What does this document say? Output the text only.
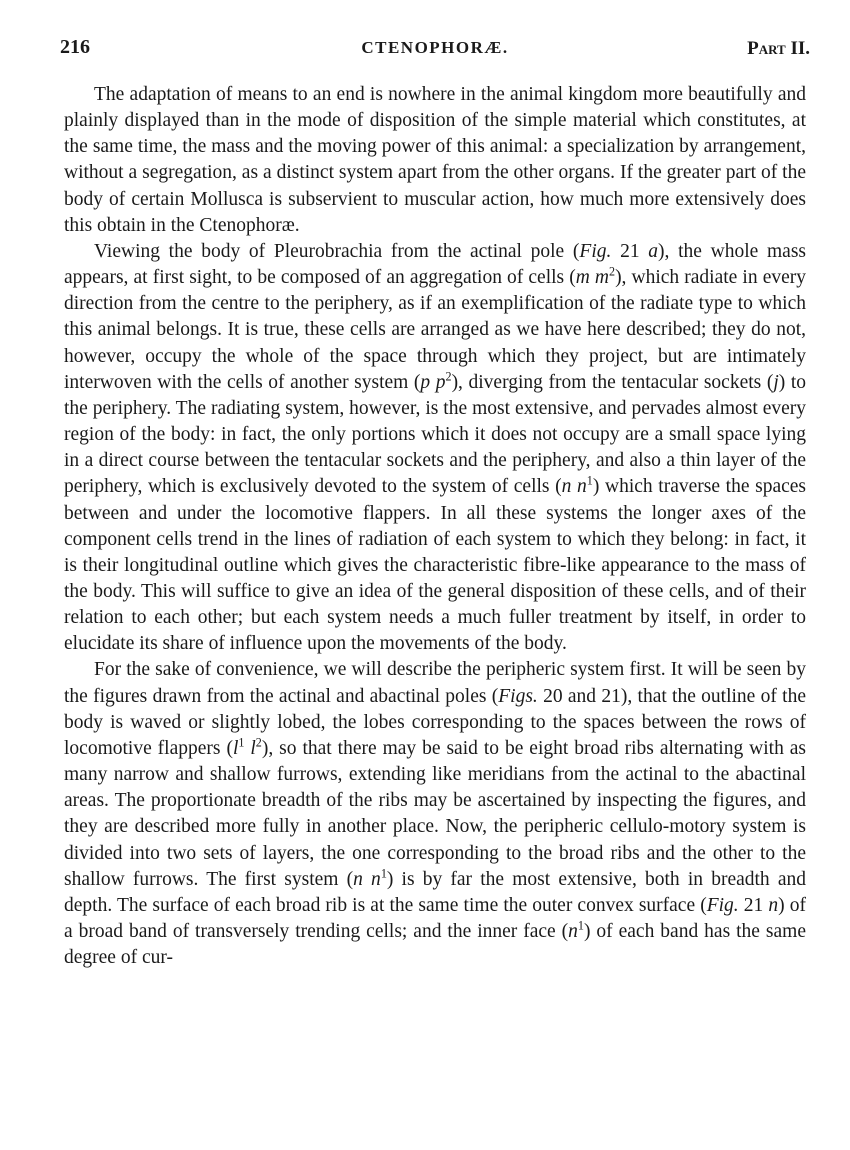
216	CTENOPHORÆ.	Part II.

The adaptation of means to an end is nowhere in the animal kingdom more beautifully and plainly displayed than in the mode of disposition of the simple material which constitutes, at the same time, the mass and the moving power of this animal: a specialization by arrangement, without a segregation, as a distinct system apart from the other organs. If the greater part of the body of certain Mollusca is subservient to muscular action, how much more extensively does this obtain in the Ctenophoræ.

Viewing the body of Pleurobrachia from the actinal pole (Fig. 21 a), the whole mass appears, at first sight, to be composed of an aggregation of cells (m $m^2$), which radiate in every direction from the centre to the periphery, as if an exemplification of the radiate type to which this animal belongs. It is true, these cells are arranged as we have here described; they do not, however, occupy the whole of the space through which they project, but are intimately interwoven with the cells of another system (p $p^2$), diverging from the tentacular sockets (j) to the periphery. The radiating system, however, is the most extensive, and pervades almost every region of the body: in fact, the only portions which it does not occupy are a small space lying in a direct course between the tentacular sockets and the periphery, and also a thin layer of the periphery, which is exclusively devoted to the system of cells (n $n^1$) which traverse the spaces between and under the locomotive flappers. In all these systems the longer axes of the component cells trend in the lines of radiation of each system to which they belong: in fact, it is their longitudinal outline which gives the characteristic fibre-like appearance to the mass of the body. This will suffice to give an idea of the general disposition of these cells, and of their relation to each other; but each system needs a much fuller treatment by itself, in order to elucidate its share of influence upon the movements of the body.

For the sake of convenience, we will describe the peripheric system first. It will be seen by the figures drawn from the actinal and abactinal poles (Figs. 20 and 21), that the outline of the body is waved or slightly lobed, the lobes corresponding to the spaces between the rows of locomotive flappers ($l^1$ $l^2$), so that there may be said to be eight broad ribs alternating with as many narrow and shallow furrows, extending like meridians from the actinal to the abactinal areas. The proportionate breadth of the ribs may be ascertained by inspecting the figures, and they are described more fully in another place. Now, the peripheric cellulo-motory system is divided into two sets of layers, the one corresponding to the broad ribs and the other to the shallow furrows. The first system (n $n^1$) is by far the most extensive, both in breadth and depth. The surface of each broad rib is at the same time the outer convex surface (Fig. 21 n) of a broad band of transversely trending cells; and the inner face $(n^1)$ of each band has the same degree of cur-
